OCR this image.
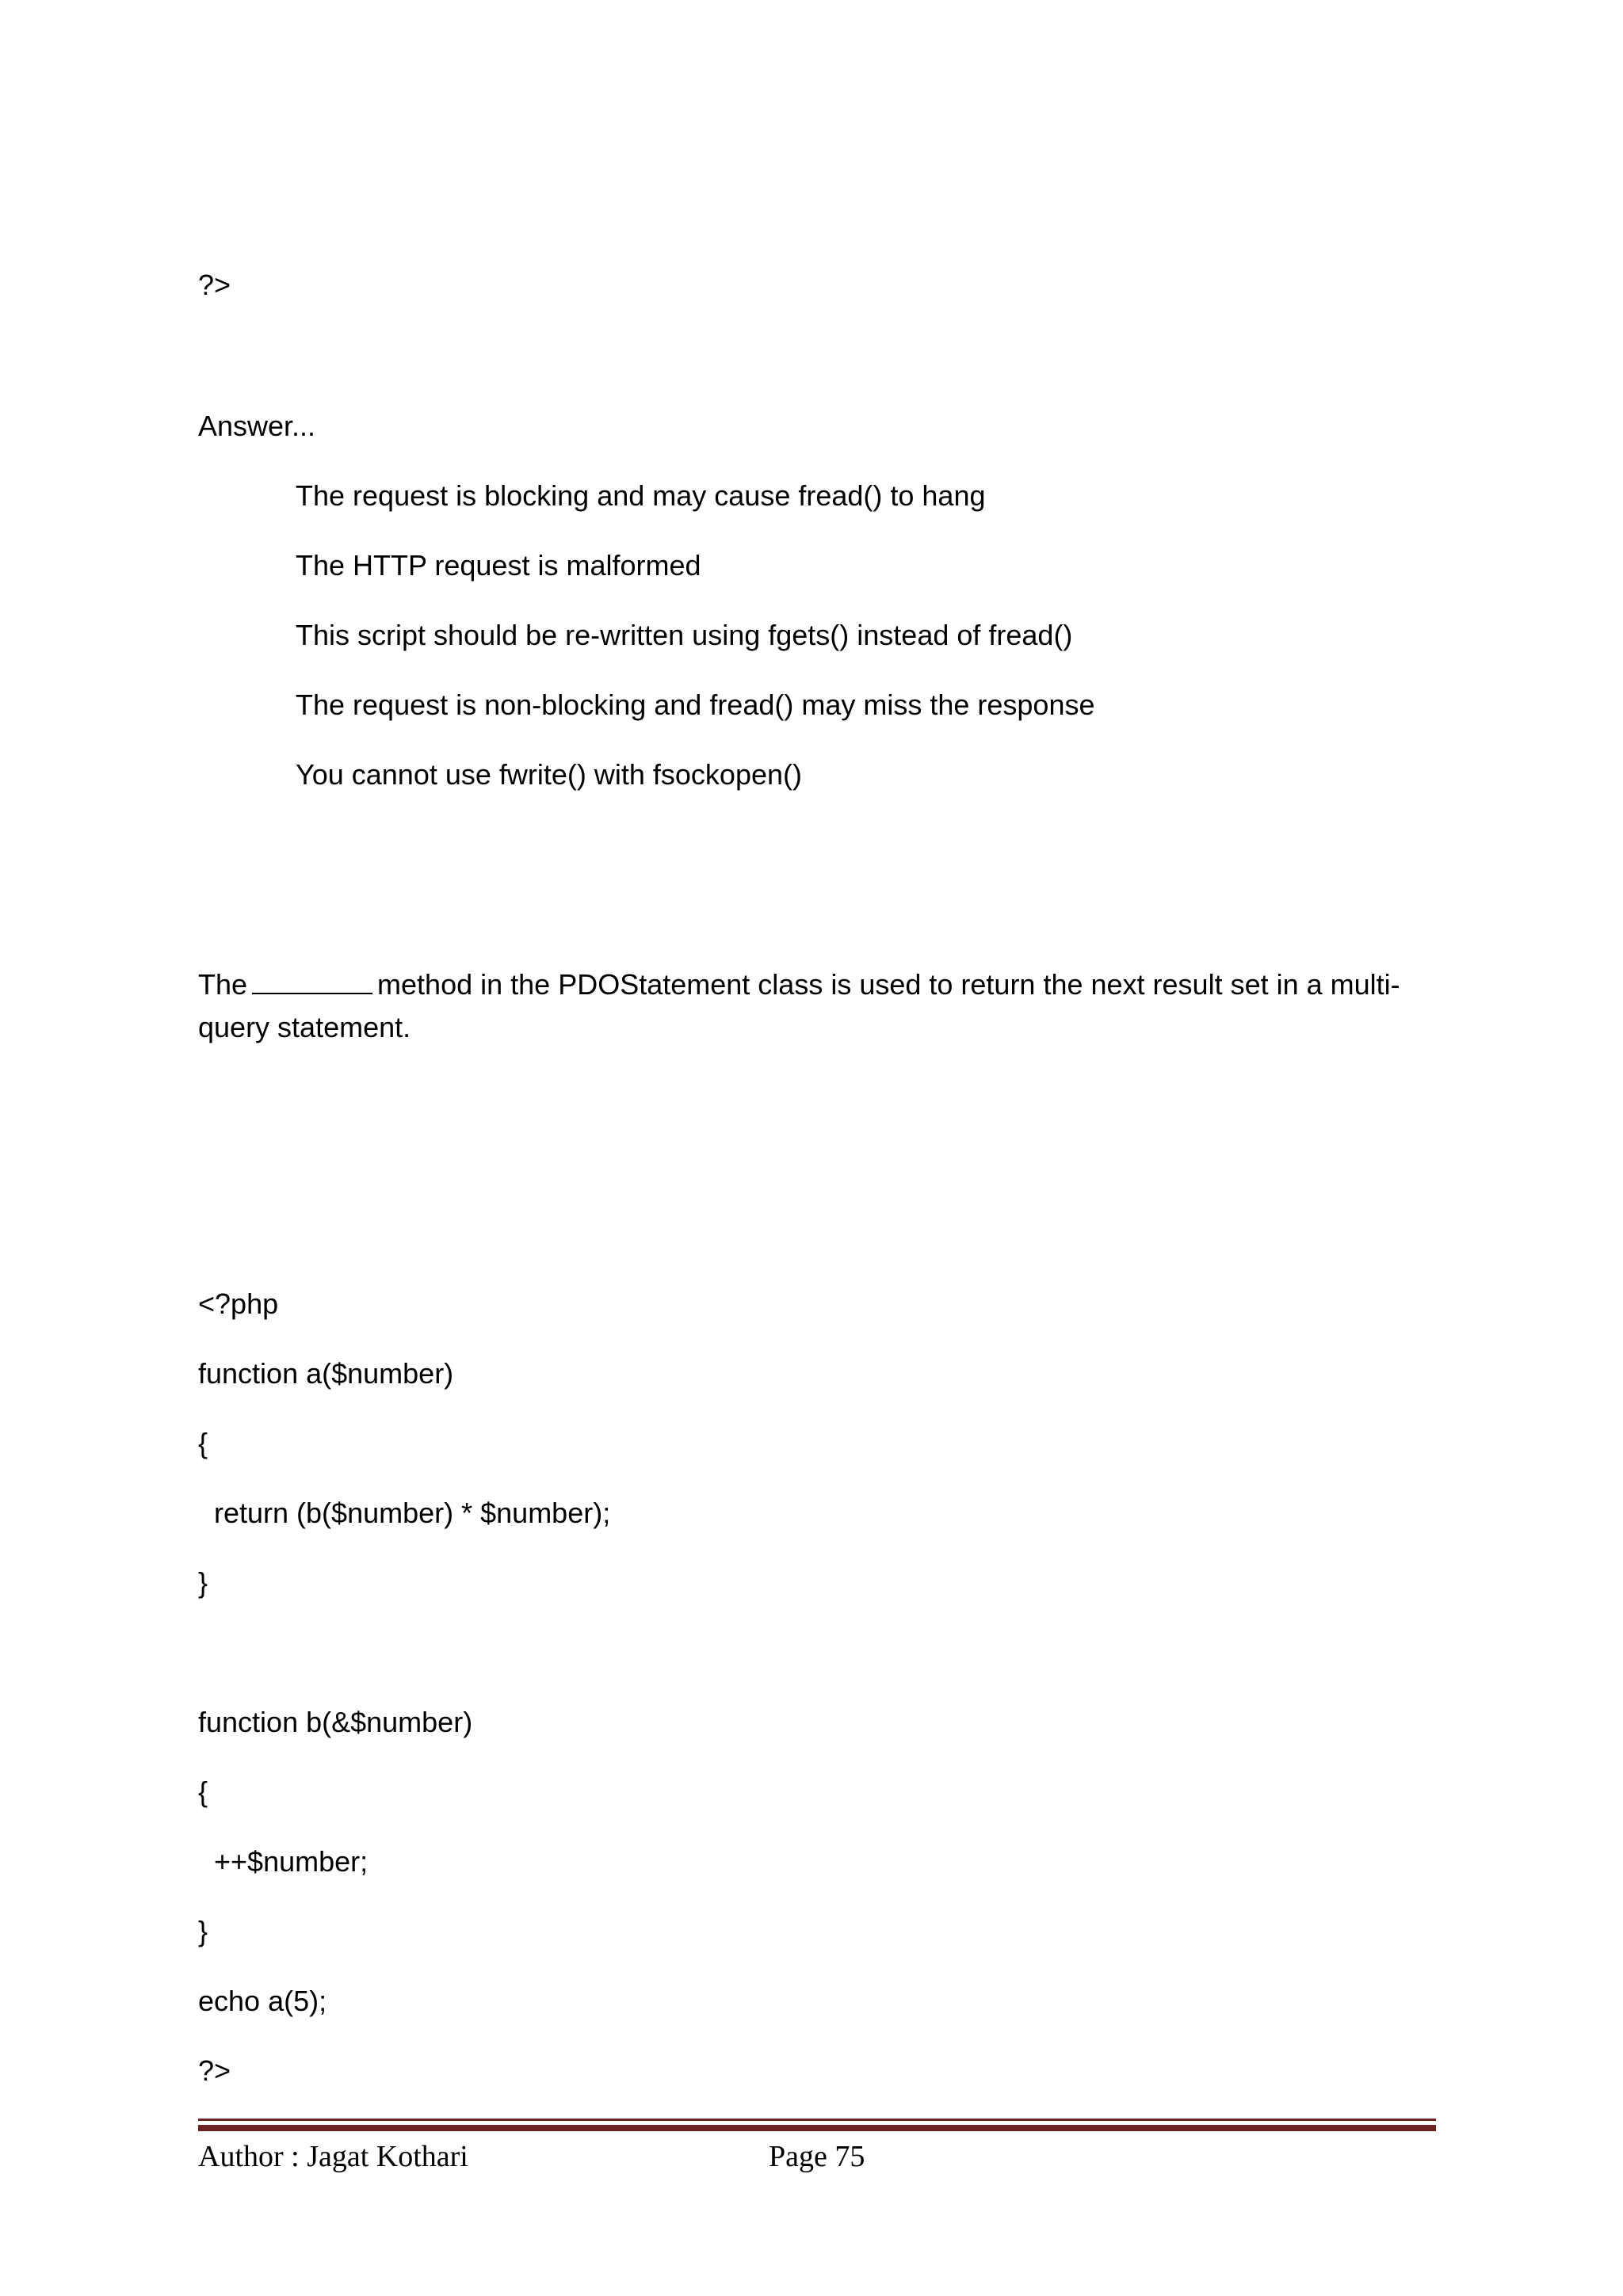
?>
Answer...
The request is blocking and may cause fread() to hang
The HTTP request is malformed
This script should be re-written using fgets() instead of fread()
The request is non-blocking and fread() may miss the response
You cannot use fwrite() with fsockopen()
The	method in the PDOStatement class is used to return the next result set in a multi-query statement.
<?php
function a($number)
{
return (b($number) * $number);
}
function b(&$number)
{
++$number;
}
echo a(5);
?>
Author : Jagat Kothari	Page 75
